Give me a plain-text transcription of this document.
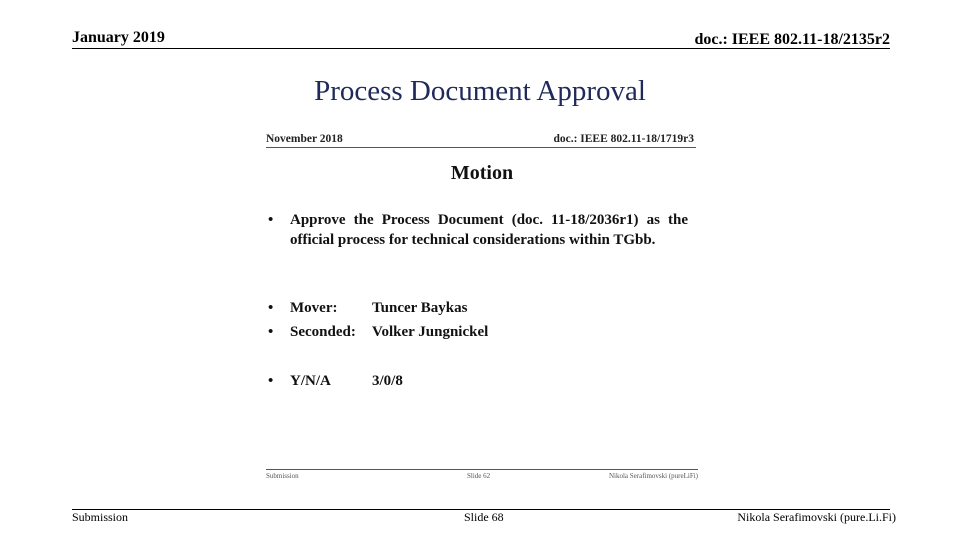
January 2019	doc.: IEEE 802.11-18/2135r2
Process Document Approval
November 2018	doc.: IEEE 802.11-18/1719r3
Motion
• Approve the Process Document (doc. 11-18/2036r1) as the official process for technical considerations within TGbb.
• Mover: Tuncer Baykas
• Seconded: Volker Jungnickel
• Y/N/A	3/0/8
Submission	Slide 62	Nikola Serafimovski (pureLiFi)
Submission	Slide 68	Nikola Serafimovski (pure.Li.Fi)
